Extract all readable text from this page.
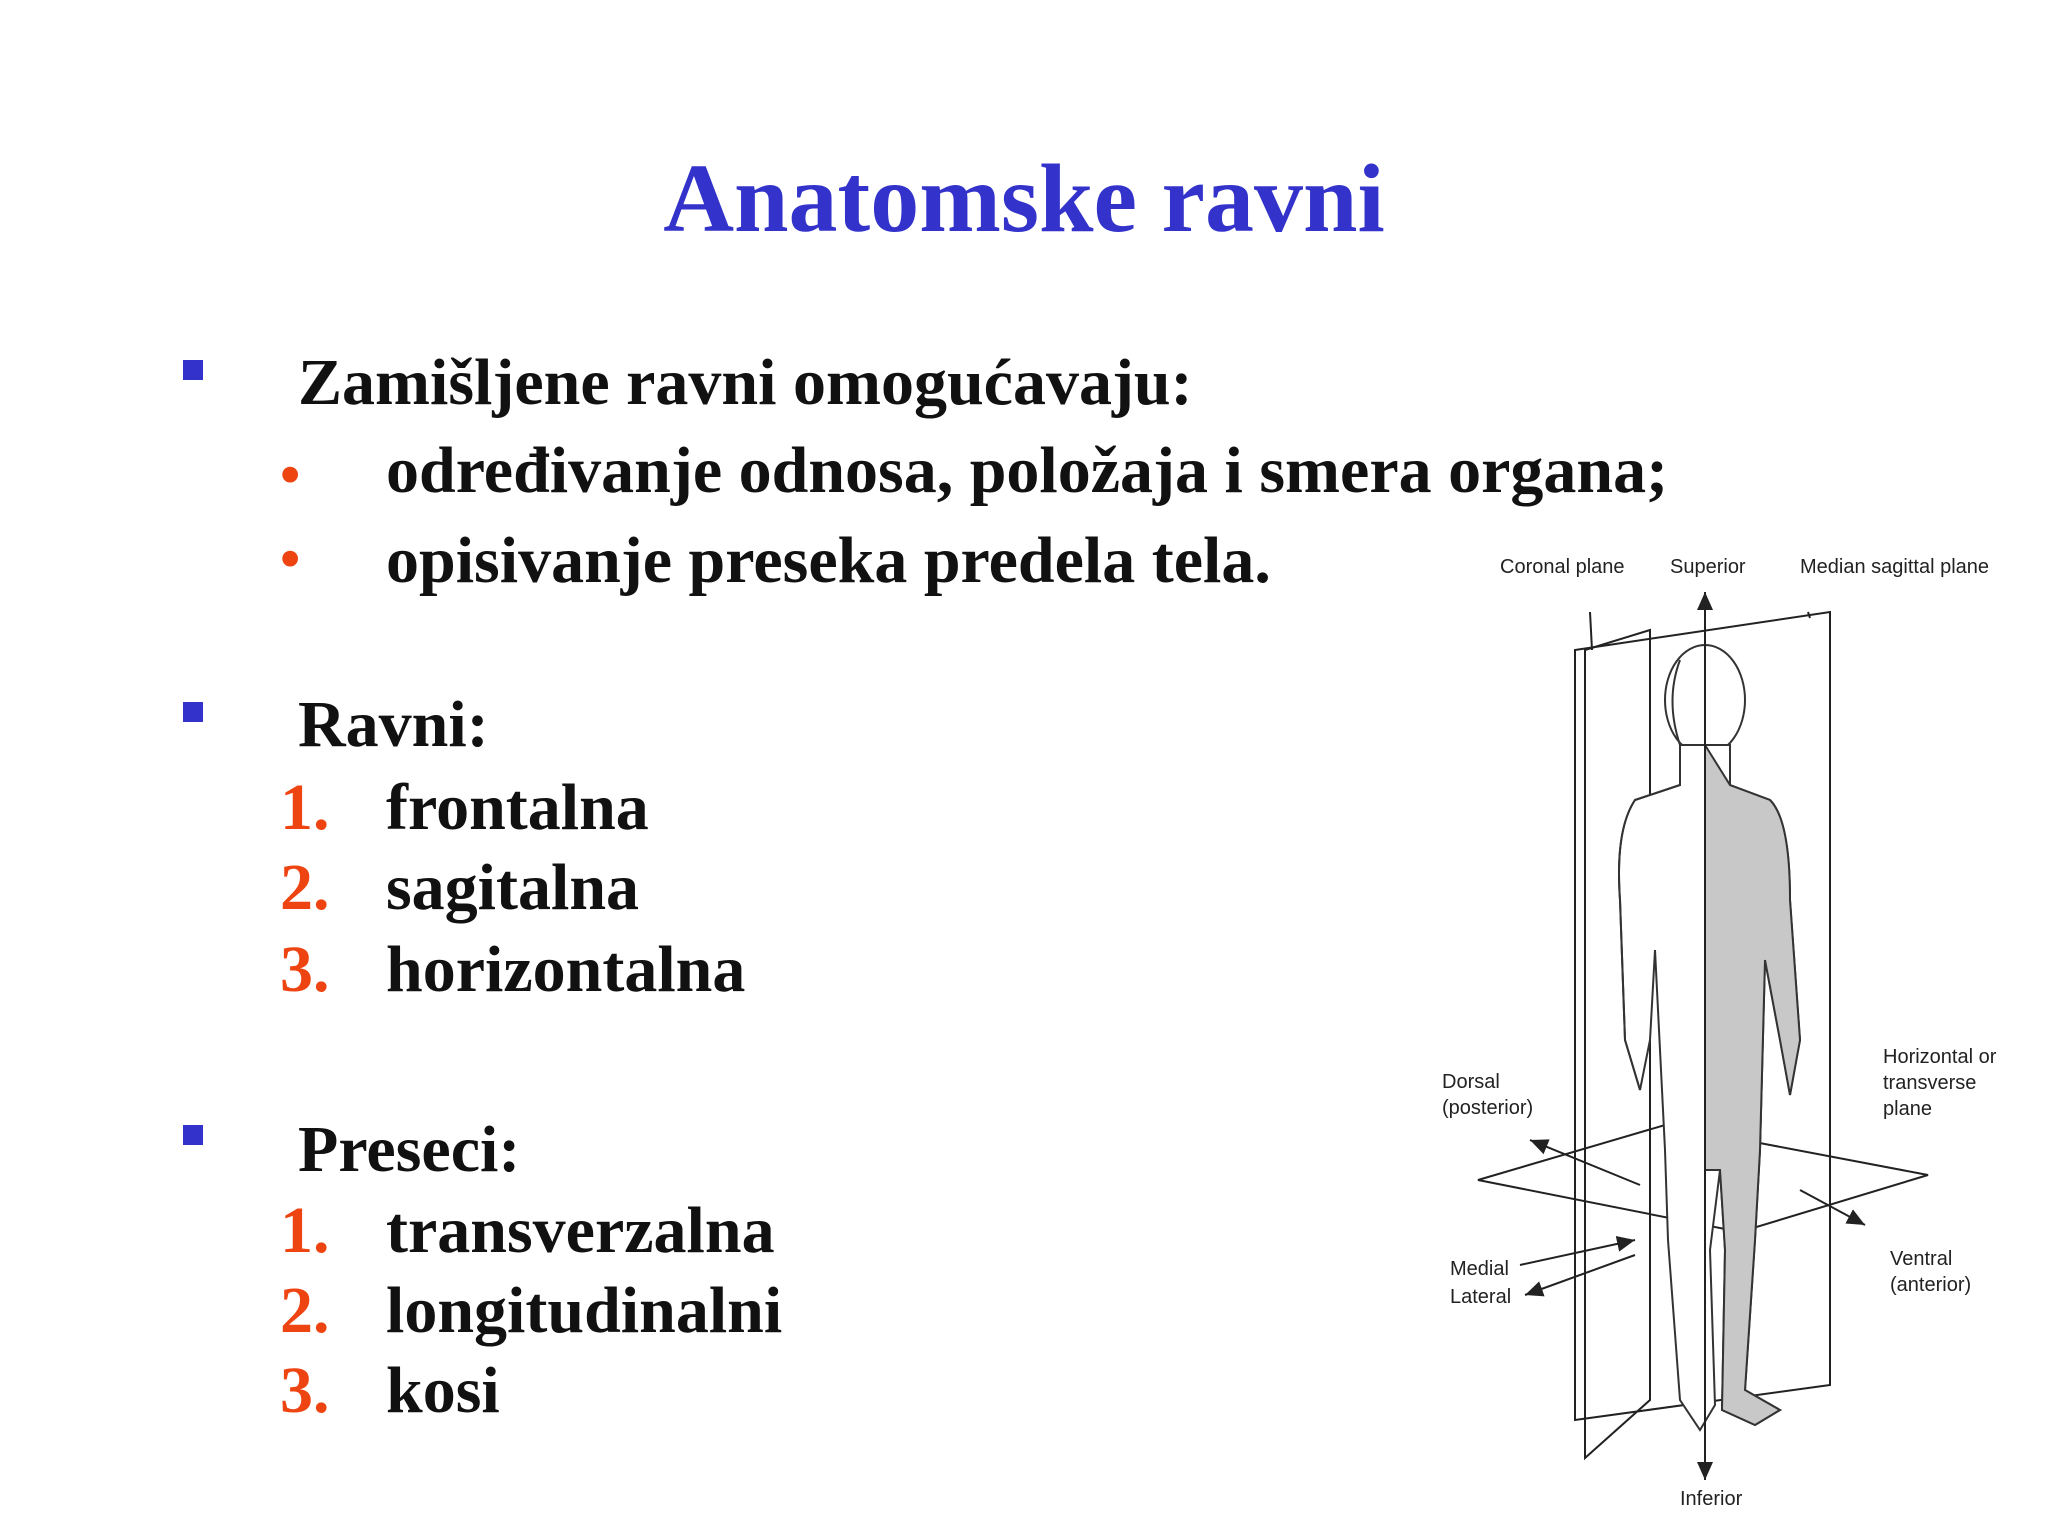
Anatomske ravni
Zamišljene ravni omogućavaju:
• određivanje odnosa, položaja i smera organa;
• opisivanje preseka predela tela.
Ravni:
1. frontalna
2. sagitalna
3. horizontalna
Preseci:
1. transverzalna
2. longitudinalni
3. kosi
Coronal plane Superior	Median sagittal plane
Dorsal
(posterior)
Horizontal or
transverse
plane
Medial
Lateral
Ventral
(anterior)
Inferior
